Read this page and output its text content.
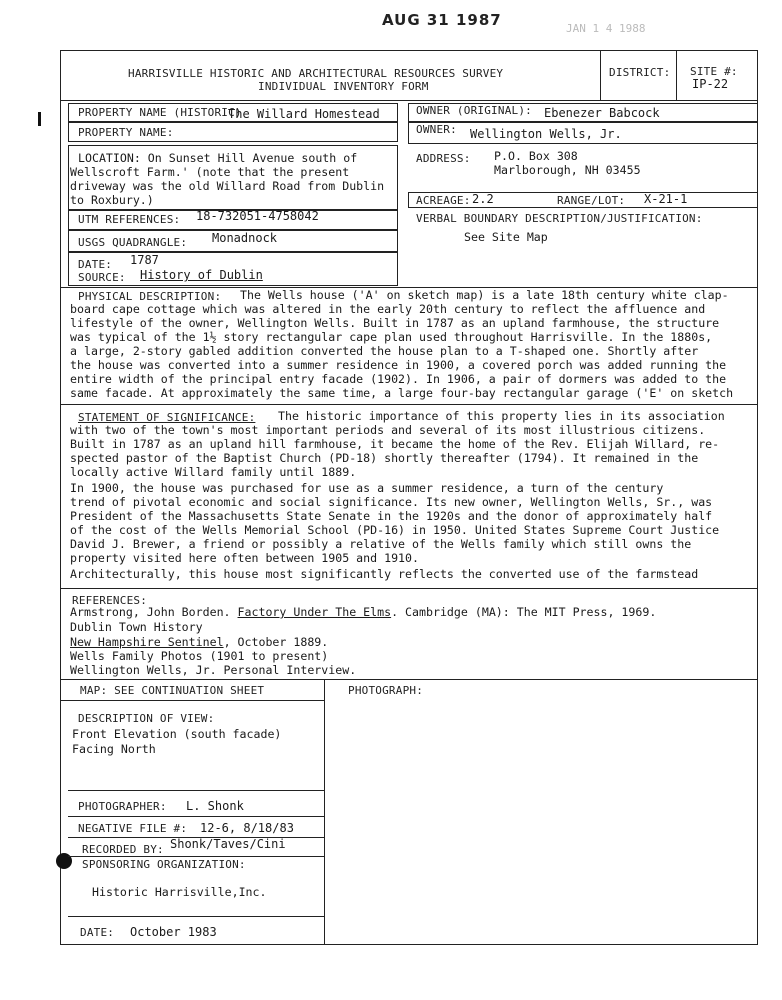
AUG 31 1987	JAN 1 4 1988
HARRISVILLE HISTORIC AND ARCHITECTURAL RESOURCES SURVEY
INDIVIDUAL INVENTORY FORM
DISTRICT: SITE #:
IP-22
PROPERTY NAME (HISTORIC)
The Willard Homestead
PROPERTY NAME:
LOCATION: On Sunset Hill Avenue south of
Wellscroft Farm.' (note that the present
driveway was the old Willard Road from Dublin
to Roxbury.)
UTM REFERENCES: 18-732051-4758042
USGS QUADRANGLE: Monadnock
DATE: 1787
SOURCE: History of Dublin
OWNER (ORIGINAL): Ebenezer Babcock
OWNER: Wellington Wells, Jr.
ADDRESS: P.O. Box 308
Marlborough, NH 03455
ACREAGE: 2.2	RANGE/LOT: X-21-1
VERBAL BOUNDARY DESCRIPTION/JUSTIFICATION:
See Site Map
PHYSICAL DESCRIPTION: The Wells house ('A' on sketch map) is a late 18th century white clap-
board cape cottage which was altered in the early 20th century to reflect the affluence and
lifestyle of the owner, Wellington Wells. Built in 1787 as an upland farmhouse, the structure
was typical of the 1½ story rectangular cape plan used throughout Harrisville. In the 1880s,
a large, 2-story gabled addition converted the house plan to a T-shaped one. Shortly after
the house was converted into a summer residence in 1900, a covered porch was added running the
entire width of the principal entry facade (1902). In 1906, a pair of dormers was added to the
same facade. At approximately the same time, a large four-bay rectangular garage ('E' on sketch
STATEMENT OF SIGNIFICANCE: The historic importance of this property lies in its association
with two of the town's most important periods and several of its most illustrious citizens.
Built in 1787 as an upland hill farmhouse, it became the home of the Rev. Elijah Willard, re-
spected pastor of the Baptist Church (PD-18) shortly thereafter (1794). It remained in the
locally active Willard family until 1889.
In 1900, the house was purchased for use as a summer residence, a turn of the century
trend of pivotal economic and social significance. Its new owner, Wellington Wells, Sr., was
President of the Massachusetts State Senate in the 1920s and the donor of approximately half
of the cost of the Wells Memorial School (PD-16) in 1950. United States Supreme Court Justice
David J. Brewer, a friend or possibly a relative of the Wells family which still owns the
property visited here often between 1905 and 1910.
Architecturally, this house most significantly reflects the converted use of the farmstead
REFERENCES:
Armstrong, John Borden. Factory Under The Elms. Cambridge (MA): The MIT Press, 1969.
Dublin Town History
New Hampshire Sentinel, October 1889.
Wells Family Photos (1901 to present)
Wellington Wells, Jr. Personal Interview.
MAP: SEE CONTINUATION SHEET	PHOTOGRAPH:
DESCRIPTION OF VIEW:
Front Elevation (south facade)
Facing North
PHOTOGRAPHER: L. Shonk
NEGATIVE FILE #: 12-6, 8/18/83
RECORDED BY: Shonk/Taves/Cini
SPONSORING ORGANIZATION:
Historic Harrisville,Inc.
DATE: October 1983
